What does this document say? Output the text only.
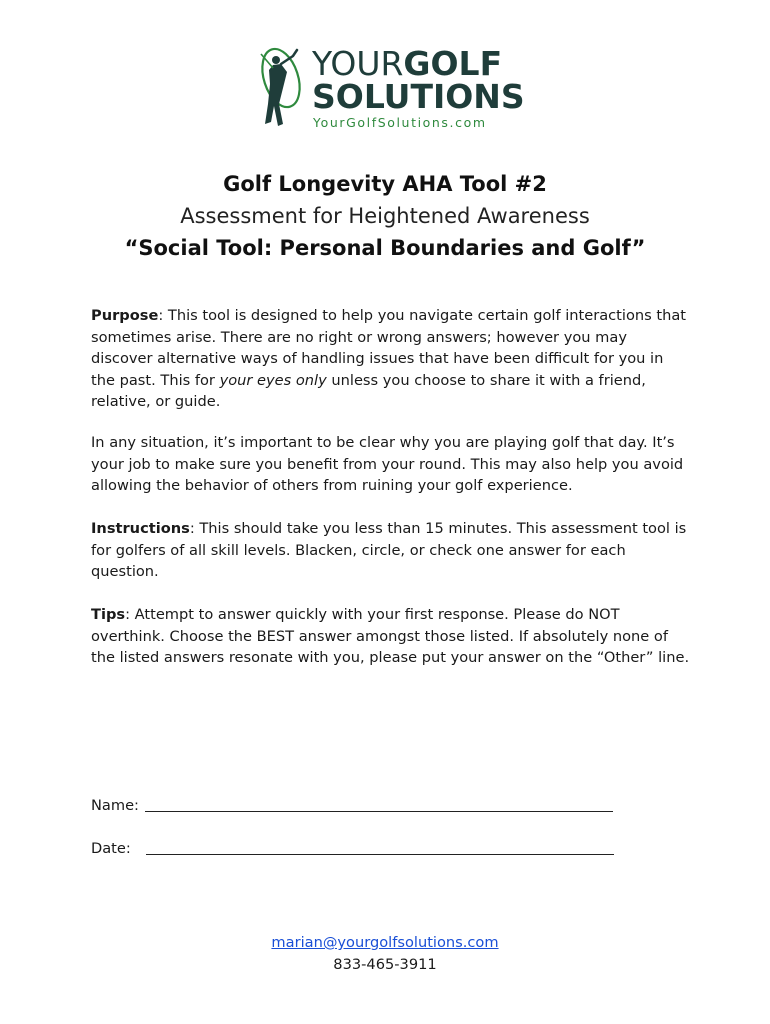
YOURGOLF
SOLUTIONS
YourGolfSolutions.com
Golf Longevity AHA Tool #2
Assessment for Heightened Awareness
“Social Tool: Personal Boundaries and Golf”
Purpose: This tool is designed to help you navigate certain golf interactions that sometimes arise. There are no right or wrong answers; however you may discover alternative ways of handling issues that have been difficult for you in the past. This for your eyes only unless you choose to share it with a friend, relative, or guide.
In any situation, it’s important to be clear why you are playing golf that day. It’s your job to make sure you benefit from your round. This may also help you avoid allowing the behavior of others from ruining your golf experience.
Instructions: This should take you less than 15 minutes. This assessment tool is for golfers of all skill levels. Blacken, circle, or check one answer for each question.
Tips: Attempt to answer quickly with your first response. Please do NOT overthink. Choose the BEST answer amongst those listed. If absolutely none of the listed answers resonate with you, please put your answer on the “Other” line.
Name:
Date:
marian@yourgolfsolutions.com
833-465-3911
